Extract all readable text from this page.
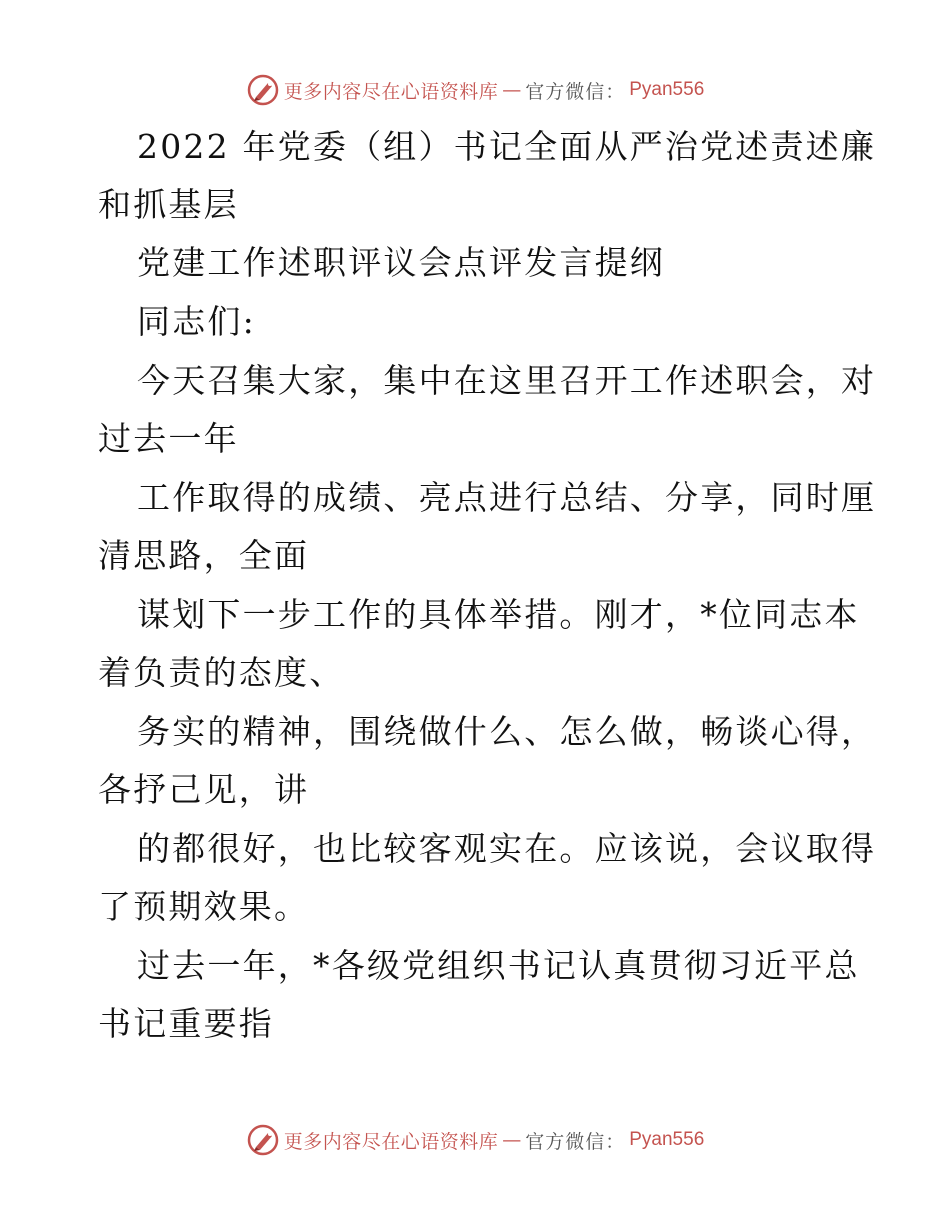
更多内容尽在心语资料库 — 官方微信： Pyan556
2022 年党委（组）书记全面从严治党述责述廉
和抓基层
党建工作述职评议会点评发言提纲
同志们:
今天召集大家，集中在这里召开工作述职会，对
过去一年
工作取得的成绩、亮点进行总结、分享，同时厘
清思路，全面
谋划下一步工作的具体举措。刚才，*位同志本
着负责的态度、
务实的精神，围绕做什么、怎么做，畅谈心得，
各抒己见，讲
的都很好，也比较客观实在。应该说，会议取得
了预期效果。
过去一年，*各级党组织书记认真贯彻习近平总
书记重要指
更多内容尽在心语资料库 — 官方微信： Pyan556
